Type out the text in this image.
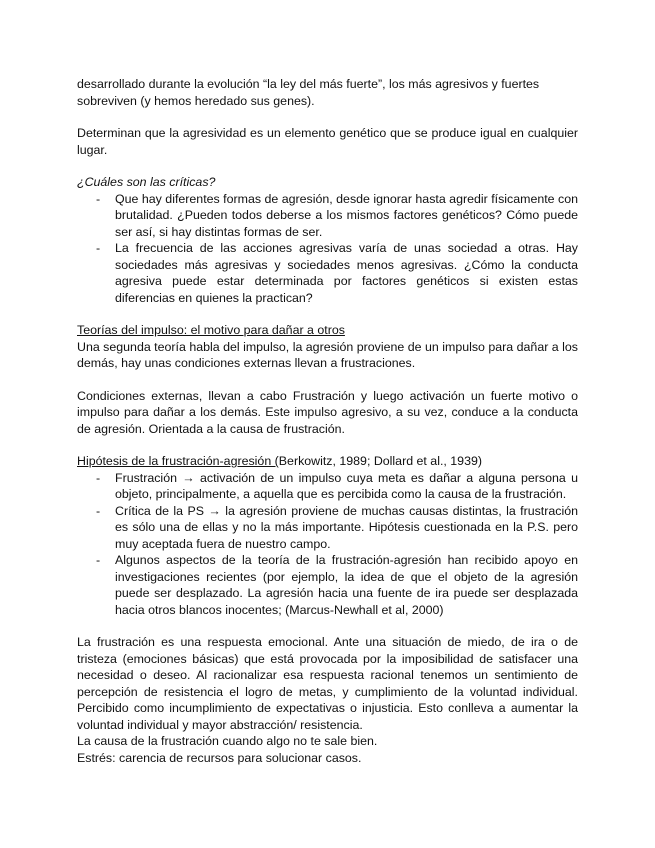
desarrollado durante la evolución “la ley del más fuerte”, los más agresivos y fuertes sobreviven (y hemos heredado sus genes).

Determinan que la agresividad es un elemento genético que se produce igual en cualquier lugar.

¿Cuáles son las críticas?

- Que hay diferentes formas de agresión, desde ignorar hasta agredir físicamente con brutalidad. ¿Pueden todos deberse a los mismos factores genéticos? Cómo puede ser así, si hay distintas formas de ser.
- La frecuencia de las acciones agresivas varía de unas sociedad a otras. Hay sociedades más agresivas y sociedades menos agresivas. ¿Cómo la conducta agresiva puede estar determinada por factores genéticos si existen estas diferencias en quienes la practican?

Teorías del impulso: el motivo para dañar a otros

Una segunda teoría habla del impulso, la agresión proviene de un impulso para dañar a los demás, hay unas condiciones externas llevan a frustraciones.

Condiciones externas, llevan a cabo Frustración y luego activación un fuerte motivo o impulso para dañar a los demás. Este impulso agresivo, a su vez, conduce a la conducta de agresión. Orientada a la causa de frustración.

Hipótesis de la frustración-agresión (Berkowitz, 1989; Dollard et al., 1939)

- Frustración → activación de un impulso cuya meta es dañar a alguna persona u objeto, principalmente, a aquella que es percibida como la causa de la frustración.
- Crítica de la PS → la agresión proviene de muchas causas distintas, la frustración es sólo una de ellas y no la más importante. Hipótesis cuestionada en la P.S. pero muy aceptada fuera de nuestro campo.
- Algunos aspectos de la teoría de la frustración-agresión han recibido apoyo en investigaciones recientes (por ejemplo, la idea de que el objeto de la agresión puede ser desplazado. La agresión hacia una fuente de ira puede ser desplazada hacia otros blancos inocentes; (Marcus-Newhall et al, 2000)

La frustración es una respuesta emocional. Ante una situación de miedo, de ira o de tristeza (emociones básicas) que está provocada por la imposibilidad de satisfacer una necesidad o deseo. Al racionalizar esa respuesta racional tenemos un sentimiento de percepción de resistencia el logro de metas, y cumplimiento de la voluntad individual. Percibido como incumplimiento de expectativas o injusticia. Esto conlleva a aumentar la voluntad individual y mayor abstracción/ resistencia.

La causa de la frustración cuando algo no te sale bien.

Estrés: carencia de recursos para solucionar casos.
